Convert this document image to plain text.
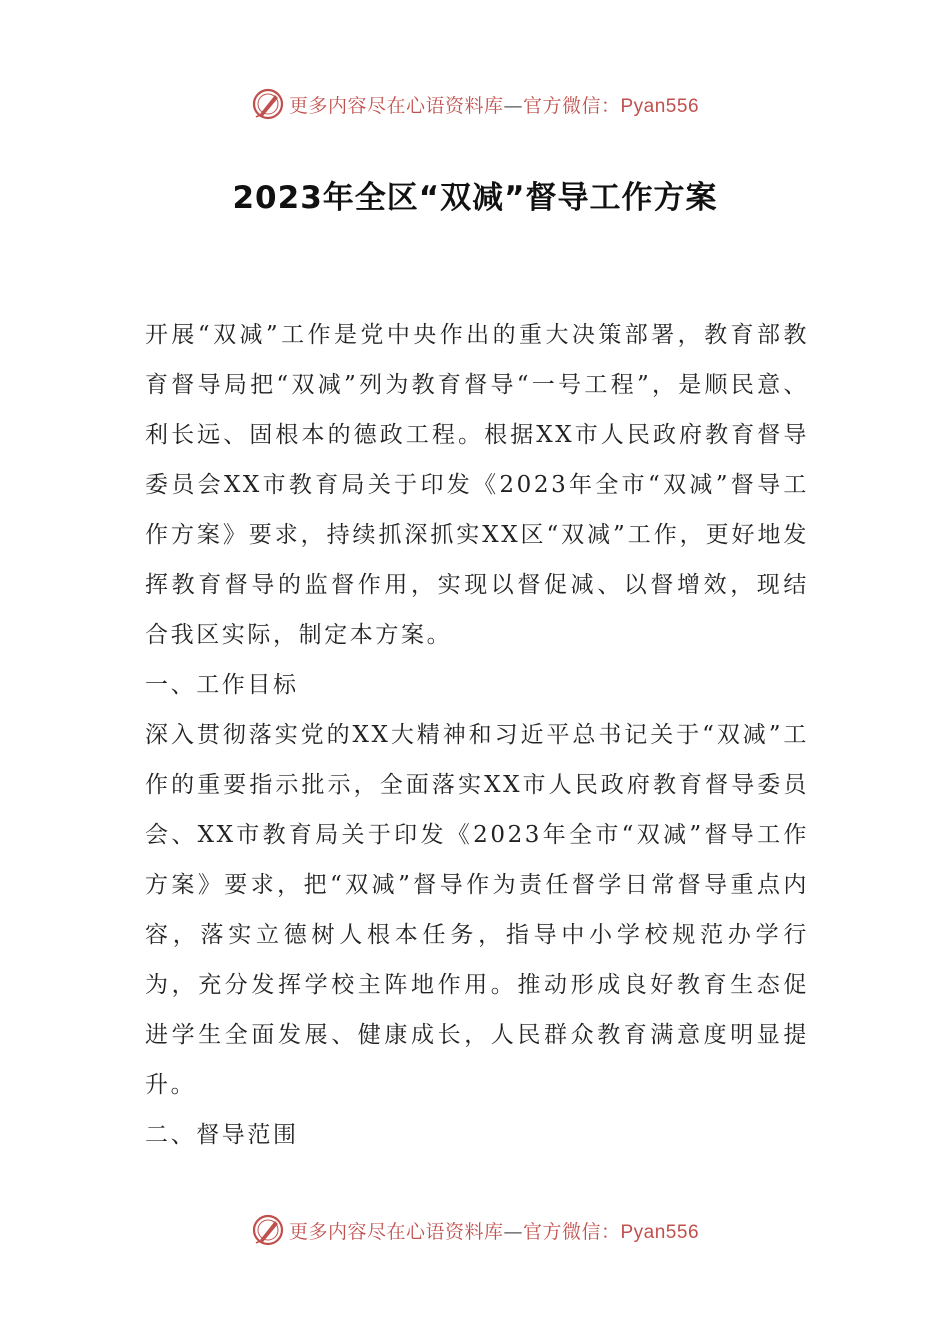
更多内容尽在心语资料库—官方微信：Pyan556
2023年全区“双减”督导工作方案

开展“双减”工作是党中央作出的重大决策部署，教育部教育督导局把“双减”列为教育督导“一号工程”，是顺民意、利长远、固根本的德政工程。根据XX市人民政府教育督导委员会XX市教育局关于印发《2023年全市“双减”督导工作方案》要求，持续抓深抓实XX区“双减”工作，更好地发挥教育督导的监督作用，实现以督促减、以督增效，现结合我区实际，制定本方案。

一、工作目标

深入贯彻落实党的XX大精神和习近平总书记关于“双减”工作的重要指示批示，全面落实XX市人民政府教育督导委员会、XX市教育局关于印发《2023年全市“双减”督导工作方案》要求，把“双减”督导作为责任督学日常督导重点内容，落实立德树人根本任务，指导中小学校规范办学行为，充分发挥学校主阵地作用。推动形成良好教育生态促进学生全面发展、健康成长，人民群众教育满意度明显提升。

二、督导范围

更多内容尽在心语资料库—官方微信：Pyan556
